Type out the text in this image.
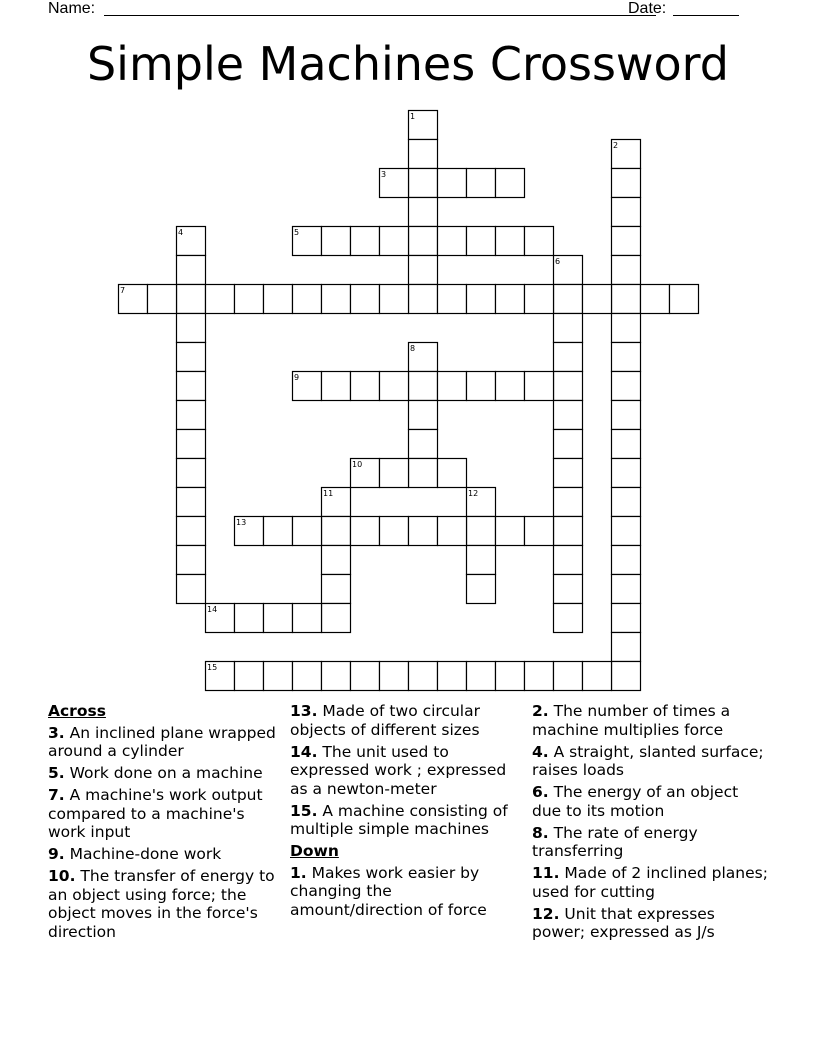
Name:	Date:
Simple Machines Crossword
1
2
3
4	5
6
7
8
9
10
11	12
13
14
15
Across
3. An inclined plane wrapped around a cylinder
5. Work done on a machine
7. A machine's work output compared to a machine's work input
9. Machine-done work
10. The transfer of energy to an object using force; the object moves in the force's direction
13. Made of two circular objects of different sizes
14. The unit used to expressed work ; expressed as a newton-meter
15. A machine consisting of multiple simple machines
Down
1. Makes work easier by changing the amount/direction of force
2. The number of times a machine multiplies force
4. A straight, slanted surface; raises loads
6. The energy of an object due to its motion
8. The rate of energy transferring
11. Made of 2 inclined planes; used for cutting
12. Unit that expresses power; expressed as J/s
